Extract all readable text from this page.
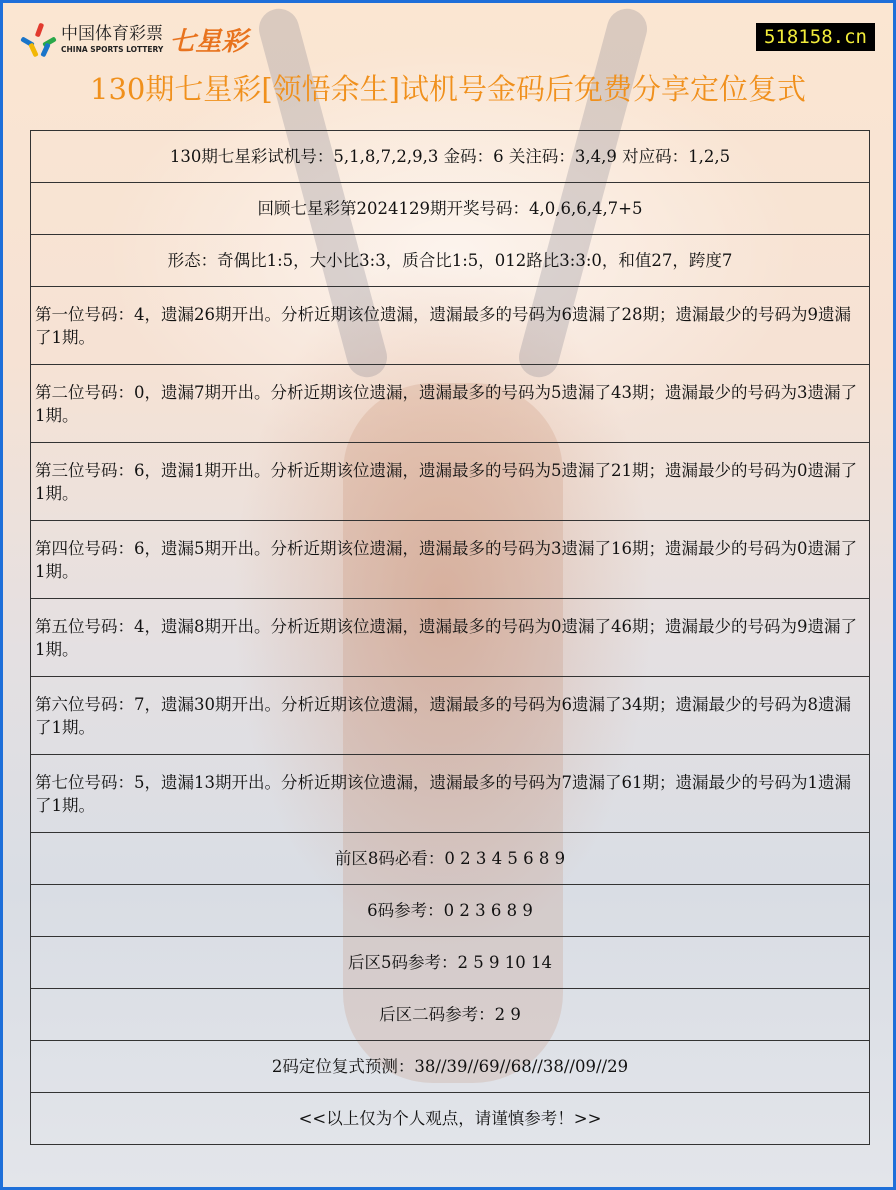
中国体育彩票
CHINA SPORTS LOTTERY 七星彩	518158.cn
130期七星彩[领悟余生]试机号金码后免费分享定位复式
130期七星彩试机号：5,1,8,7,2,9,3 金码：6 关注码：3,4,9 对应码：1,2,5
回顾七星彩第2024129期开奖号码：4,0,6,6,4,7+5
形态：奇偶比1:5，大小比3:3，质合比1:5，012路比3:3:0，和值27，跨度7
第一位号码：4，遗漏26期开出。分析近期该位遗漏，遗漏最多的号码为6遗漏了28期；遗漏最少的号码为9遗漏了1期。
第二位号码：0，遗漏7期开出。分析近期该位遗漏，遗漏最多的号码为5遗漏了43期；遗漏最少的号码为3遗漏了1期。
第三位号码：6，遗漏1期开出。分析近期该位遗漏，遗漏最多的号码为5遗漏了21期；遗漏最少的号码为0遗漏了1期。
第四位号码：6，遗漏5期开出。分析近期该位遗漏，遗漏最多的号码为3遗漏了16期；遗漏最少的号码为0遗漏了1期。
第五位号码：4，遗漏8期开出。分析近期该位遗漏，遗漏最多的号码为0遗漏了46期；遗漏最少的号码为9遗漏了1期。
第六位号码：7，遗漏30期开出。分析近期该位遗漏，遗漏最多的号码为6遗漏了34期；遗漏最少的号码为8遗漏了1期。
第七位号码：5，遗漏13期开出。分析近期该位遗漏，遗漏最多的号码为7遗漏了61期；遗漏最少的号码为1遗漏了1期。
前区8码必看：0 2 3 4 5 6 8 9
6码参考：0 2 3 6 8 9
后区5码参考：2 5 9 10 14
后区二码参考：2 9
2码定位复式预测：38//39//69//68//38//09//29
<<以上仅为个人观点，请谨慎参考！>>
